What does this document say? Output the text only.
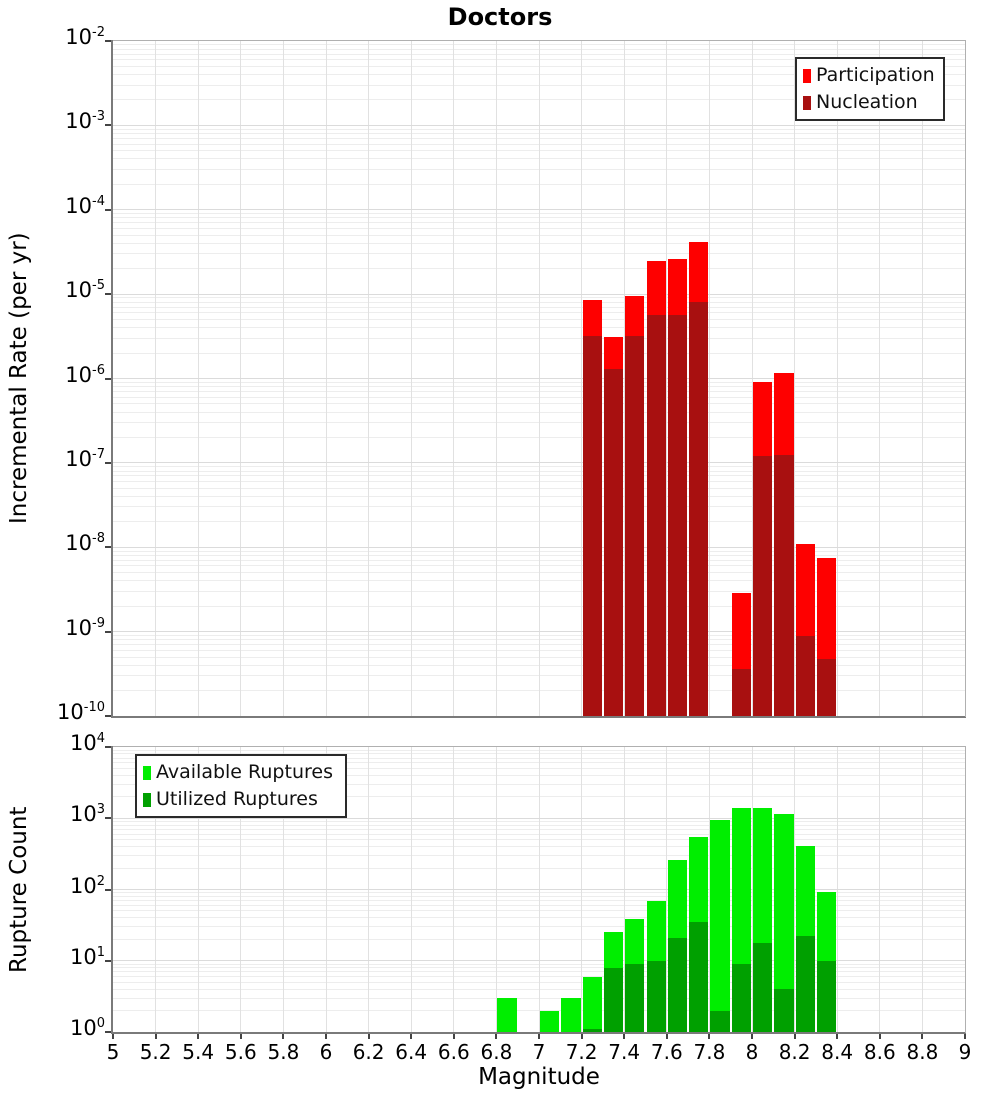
Doctors
Incremental Rate (per yr)
Rupture Count
Magnitude
Participation
Nucleation
Available Ruptures
Utilized Ruptures
$10^{-2}$
$10^{-3}$
$10^{-4}$
$10^{-5}$
$10^{-6}$
$10^{-7}$
$10^{-8}$
$10^{-9}$
$10^{-10}$
$10^4$
$10^3$
$10^2$
$10^1$
$10^0$
5	5.2 5.4 5.6 5.8	6	6.2 6.4 6.6 6.8	7	7.2 7.4 7.6 7.8	8	8.2 8.4 8.6 8.8	9
